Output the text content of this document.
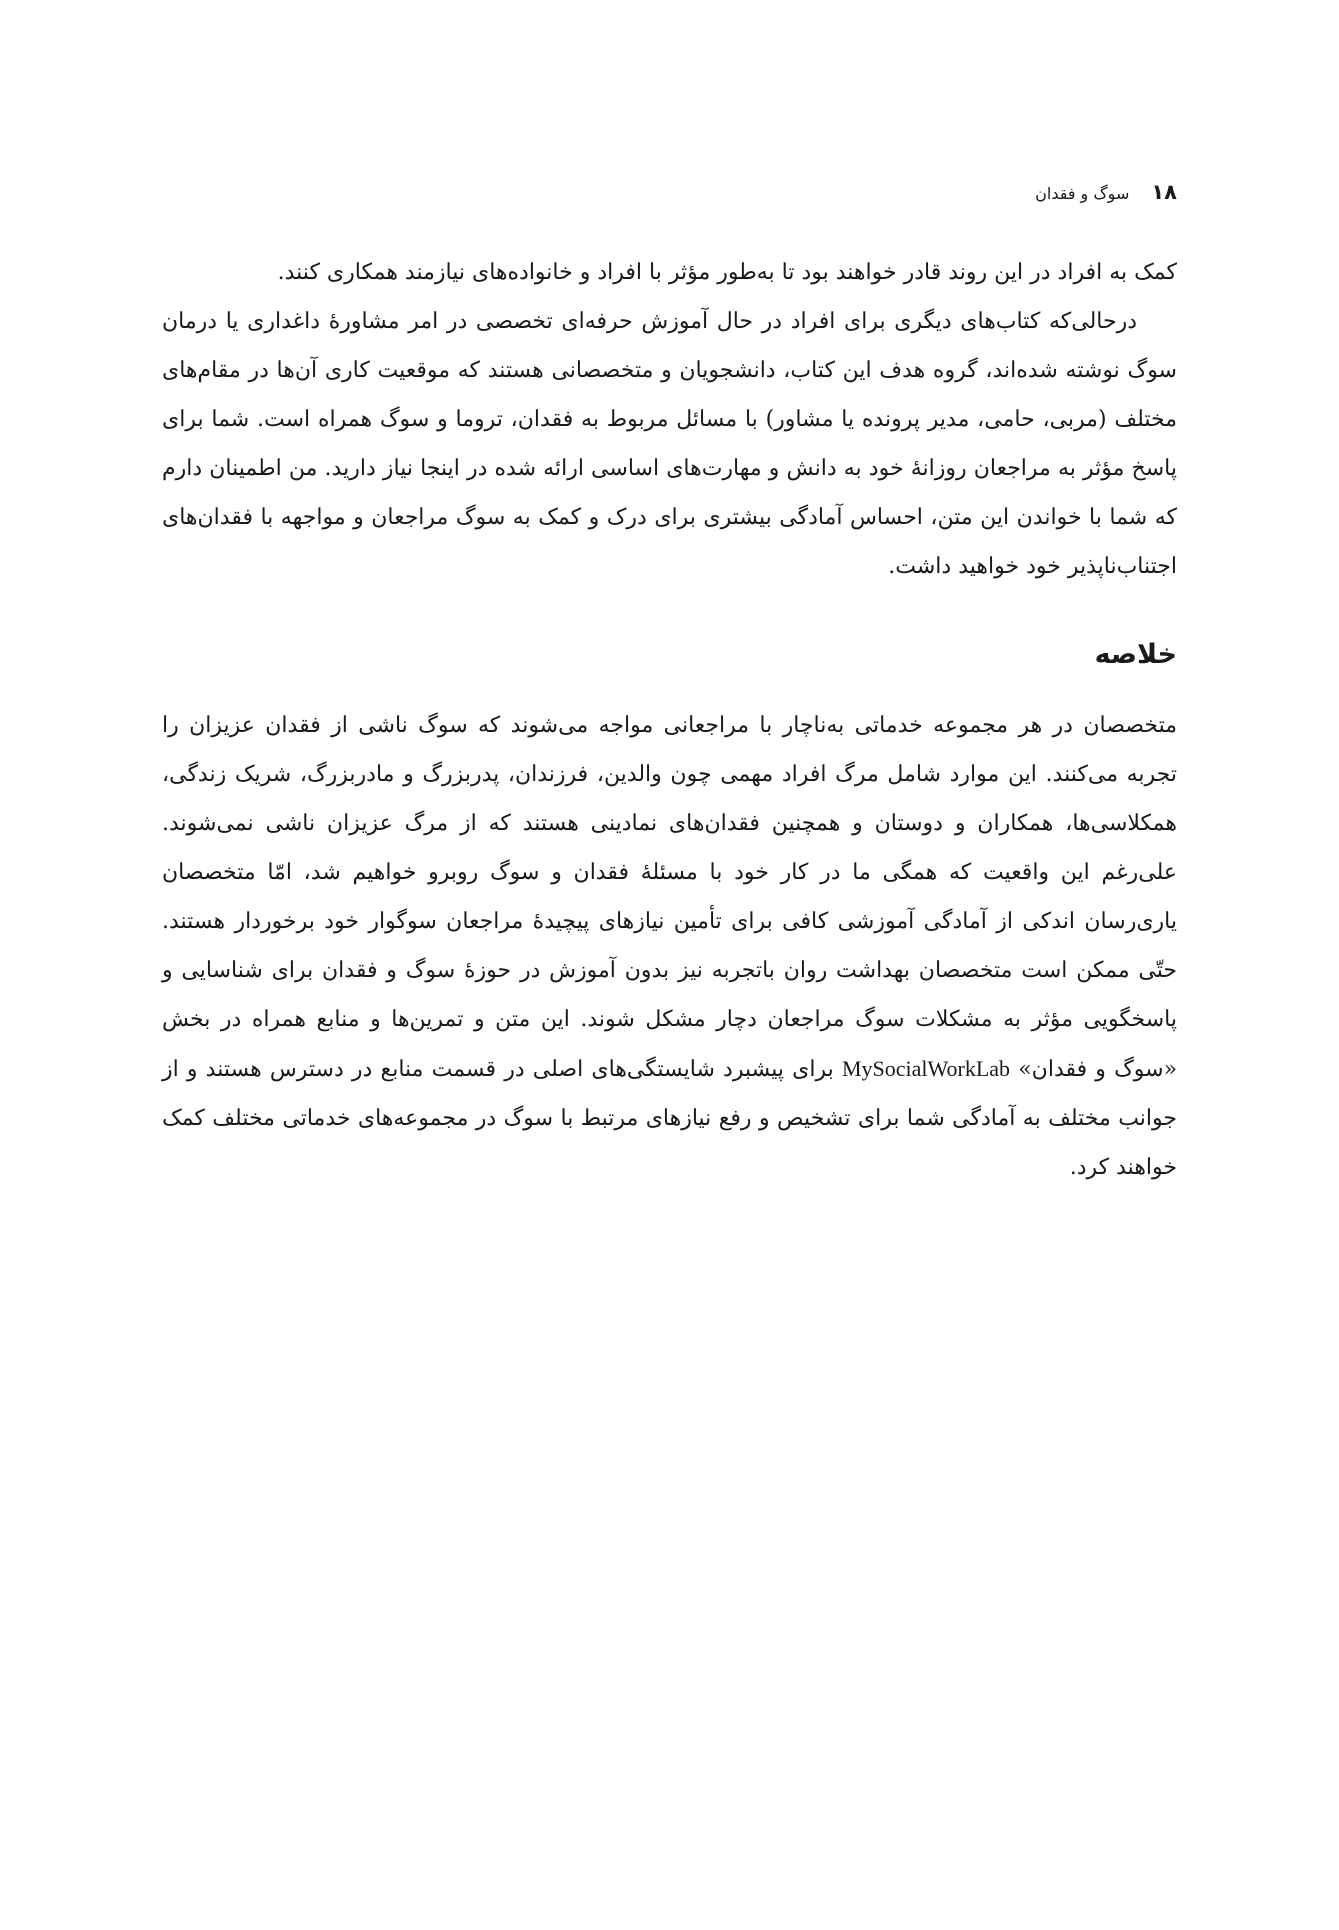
۱۸
سوگ و فقدان

کمک به افراد در این روند قادر خواهند بود تا به‌طور مؤثر با افراد و خانواده‌های نیازمند همکاری کنند.

درحالی‌که کتاب‌های دیگری برای افراد در حال آموزش حرفه‌ای تخصصی در امر مشاورهٔ داغداری یا درمان سوگ نوشته شده‌اند، گروه هدف این کتاب، دانشجویان و متخصصانی هستند که موقعیت کاری آن‌ها در مقام‌های مختلف (مربی، حامی، مدیر پرونده یا مشاور) با مسائل مربوط به فقدان، تروما و سوگ همراه است. شما برای پاسخ مؤثر به مراجعان روزانهٔ خود به دانش و مهارت‌های اساسی ارائه شده در اینجا نیاز دارید. من اطمینان دارم که شما با خواندن این متن، احساس آمادگی بیشتری برای درک و کمک به سوگ مراجعان و مواجهه با فقدان‌های اجتناب‌ناپذیر خود خواهید داشت.

خلاصه

متخصصان در هر مجموعه خدماتی به‌ناچار با مراجعانی مواجه می‌شوند که سوگ ناشی از فقدان عزیزان را تجربه می‌کنند. این موارد شامل مرگ افراد مهمی چون والدین، فرزندان، پدربزرگ و مادربزرگ، شریک زندگی، همکلاسی‌ها، همکاران و دوستان و همچنین فقدان‌های نمادینی هستند که از مرگ عزیزان ناشی نمی‌شوند. علی‌رغم این واقعیت که همگی ما در کار خود با مسئلهٔ فقدان و سوگ روبرو خواهیم شد، امّا متخصصان یاری‌رسان اندکی از آمادگی آموزشی کافی برای تأمین نیازهای پیچیدهٔ مراجعان سوگوار خود برخوردار هستند. حتّی ممکن است متخصصان بهداشت روان باتجربه نیز بدون آموزش در حوزهٔ سوگ و فقدان برای شناسایی و پاسخگویی مؤثر به مشکلات سوگ مراجعان دچار مشکل شوند. این متن و تمرین‌ها و منابع همراه در بخش «سوگ و فقدان» MySocialWorkLab برای پیشبرد شایستگی‌های اصلی در قسمت منابع در دسترس هستند و از جوانب مختلف به آمادگی شما برای تشخیص و رفع نیازهای مرتبط با سوگ در مجموعه‌های خدماتی مختلف کمک خواهند کرد.
